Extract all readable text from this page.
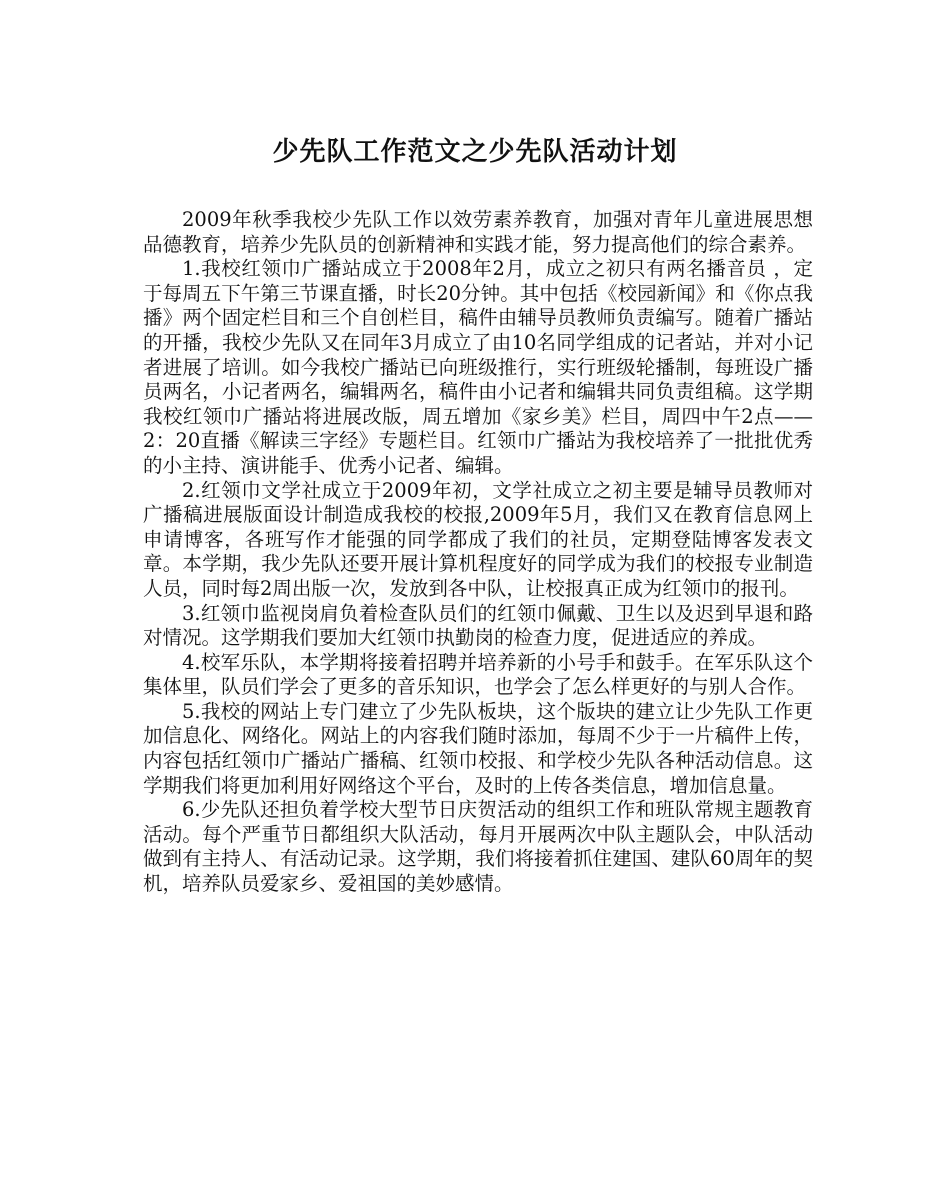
少先队工作范文之少先队活动计划

2009年秋季我校少先队工作以效劳素养教育，加强对青年儿童进展思想品德教育，培养少先队员的创新精神和实践才能，努力提高他们的综合素养。

1.我校红领巾广播站成立于2008年2月，成立之初只有两名播音员 ，定于每周五下午第三节课直播，时长20分钟。其中包括《校园新闻》和《你点我播》两个固定栏目和三个自创栏目，稿件由辅导员教师负责编写。随着广播站的开播，我校少先队又在同年3月成立了由10名同学组成的记者站，并对小记者进展了培训。如今我校广播站已向班级推行，实行班级轮播制，每班设广播员两名，小记者两名，编辑两名，稿件由小记者和编辑共同负责组稿。这学期我校红领巾广播站将进展改版，周五增加《家乡美》栏目，周四中午2点——2：20直播《解读三字经》专题栏目。红领巾广播站为我校培养了一批批优秀的小主持、演讲能手、优秀小记者、编辑。

2.红领巾文学社成立于2009年初，文学社成立之初主要是辅导员教师对广播稿进展版面设计制造成我校的校报,2009年5月，我们又在教育信息网上申请博客，各班写作才能强的同学都成了我们的社员，定期登陆博客发表文章。本学期，我少先队还要开展计算机程度好的同学成为我们的校报专业制造人员，同时每2周出版一次，发放到各中队，让校报真正成为红领巾的报刊。

3.红领巾监视岗肩负着检查队员们的红领巾佩戴、卫生以及迟到早退和路对情况。这学期我们要加大红领巾执勤岗的检查力度，促进适应的养成。

4.校军乐队，本学期将接着招聘并培养新的小号手和鼓手。在军乐队这个集体里，队员们学会了更多的音乐知识，也学会了怎么样更好的与别人合作。

5.我校的网站上专门建立了少先队板块，这个版块的建立让少先队工作更加信息化、网络化。网站上的内容我们随时添加，每周不少于一片稿件上传，内容包括红领巾广播站广播稿、红领巾校报、和学校少先队各种活动信息。这学期我们将更加利用好网络这个平台，及时的上传各类信息，增加信息量。

6.少先队还担负着学校大型节日庆贺活动的组织工作和班队常规主题教育活动。每个严重节日都组织大队活动，每月开展两次中队主题队会，中队活动做到有主持人、有活动记录。这学期，我们将接着抓住建国、建队60周年的契机，培养队员爱家乡、爱祖国的美妙感情。
